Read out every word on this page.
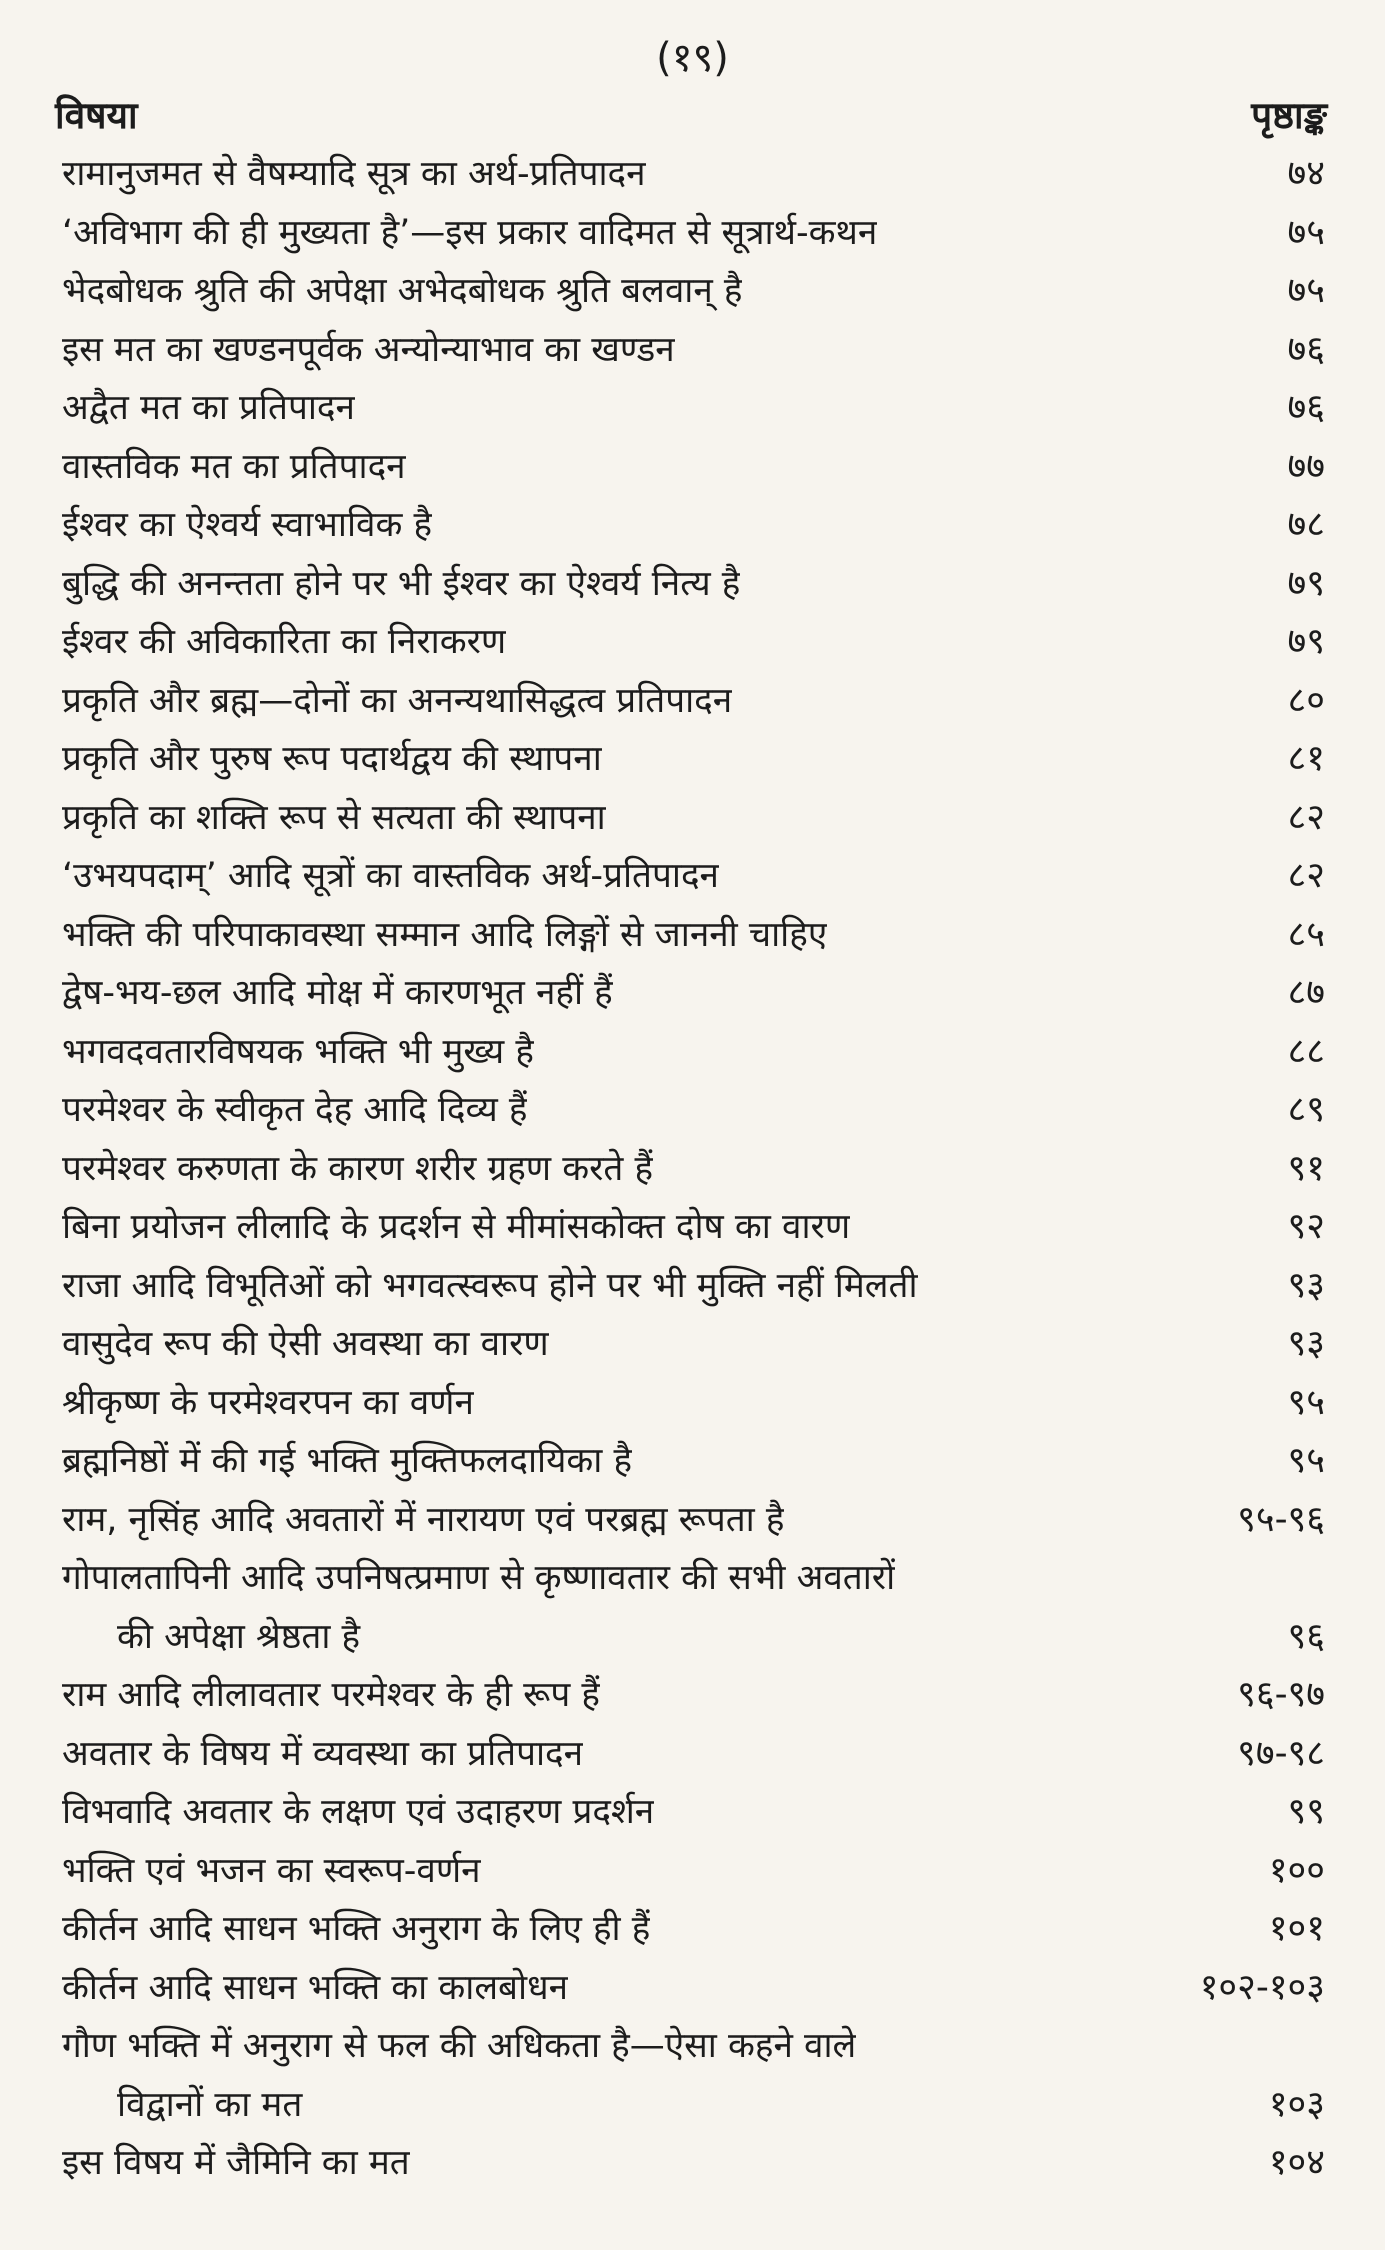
(१९)
विषया	पृष्ठाङ्क
रामानुजमत से वैषम्यादि सूत्र का अर्थ-प्रतिपादन	७४
‘अविभाग की ही मुख्यता है’—इस प्रकार वादिमत से सूत्रार्थ-कथन	७५
भेदबोधक श्रुति की अपेक्षा अभेदबोधक श्रुति बलवान् है	७५
इस मत का खण्डनपूर्वक अन्योन्याभाव का खण्डन	७६
अद्वैत मत का प्रतिपादन	७६
वास्तविक मत का प्रतिपादन	७७
ईश्वर का ऐश्वर्य स्वाभाविक है	७८
बुद्धि की अनन्तता होने पर भी ईश्वर का ऐश्वर्य नित्य है	७९
ईश्वर की अविकारिता का निराकरण	७९
प्रकृति और ब्रह्म—दोनों का अनन्यथासिद्धत्व प्रतिपादन	८०
प्रकृति और पुरुष रूप पदार्थद्वय की स्थापना	८१
प्रकृति का शक्ति रूप से सत्यता की स्थापना	८२
‘उभयपदाम्’ आदि सूत्रों का वास्तविक अर्थ-प्रतिपादन	८२
भक्ति की परिपाकावस्था सम्मान आदि लिङ्गों से जाननी चाहिए	८५
द्वेष-भय-छल आदि मोक्ष में कारणभूत नहीं हैं	८७
भगवदवतारविषयक भक्ति भी मुख्य है	८८
परमेश्वर के स्वीकृत देह आदि दिव्य हैं	८९
परमेश्वर करुणता के कारण शरीर ग्रहण करते हैं	९१
बिना प्रयोजन लीलादि के प्रदर्शन से मीमांसकोक्त दोष का वारण	९२
राजा आदि विभूतिओं को भगवत्स्वरूप होने पर भी मुक्ति नहीं मिलती	९३
वासुदेव रूप की ऐसी अवस्था का वारण	९३
श्रीकृष्ण के परमेश्वरपन का वर्णन	९५
ब्रह्मनिष्ठों में की गई भक्ति मुक्तिफलदायिका है	९५
राम, नृसिंह आदि अवतारों में नारायण एवं परब्रह्म रूपता है	९५-९६
गोपालतापिनी आदि उपनिषत्प्रमाण से कृष्णावतार की सभी अवतारों
की अपेक्षा श्रेष्ठता है	९६
राम आदि लीलावतार परमेश्वर के ही रूप हैं	९६-९७
अवतार के विषय में व्यवस्था का प्रतिपादन	९७-९८
विभवादि अवतार के लक्षण एवं उदाहरण प्रदर्शन	९९
भक्ति एवं भजन का स्वरूप-वर्णन	१००
कीर्तन आदि साधन भक्ति अनुराग के लिए ही हैं	१०१
कीर्तन आदि साधन भक्ति का कालबोधन	१०२-१०३
गौण भक्ति में अनुराग से फल की अधिकता है—ऐसा कहने वाले
विद्वानों का मत	१०३
इस विषय में जैमिनि का मत	१०४
